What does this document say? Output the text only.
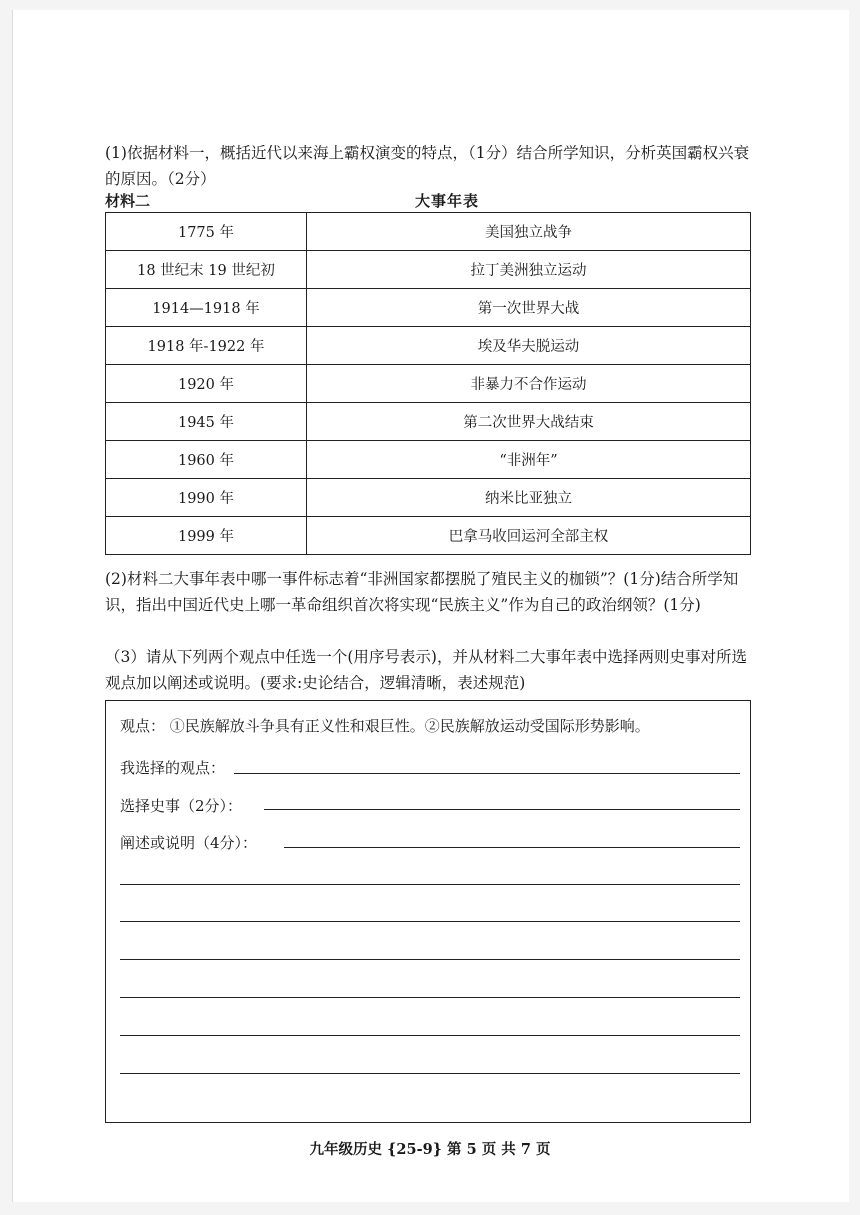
(1)依据材料一，概括近代以来海上霸权演变的特点，（1分）结合所学知识，分析英国霸权兴衰的原因。（2分）

材料二	大事年表
1775 年	美国独立战争
18 世纪末 19 世纪初	拉丁美洲独立运动
1914—1918 年	第一次世界大战
1918 年-1922 年	埃及华夫脱运动
1920 年	非暴力不合作运动
1945 年	第二次世界大战结束
1960 年	“非洲年”
1990 年	纳米比亚独立
1999 年	巴拿马收回运河全部主权

(2)材料二大事年表中哪一事件标志着“非洲国家都摆脱了殖民主义的枷锁”？(1分)结合所学知识，指出中国近代史上哪一革命组织首次将实现“民族主义”作为自己的政治纲领？(1分)

（3）请从下列两个观点中任选一个(用序号表示)，并从材料二大事年表中选择两则史事对所选观点加以阐述或说明。(要求:史论结合，逻辑清晰，表述规范)

观点： ①民族解放斗争具有正义性和艰巨性。②民族解放运动受国际形势影响。
我选择的观点：
选择史事（2分）：
阐述或说明（4分）：
九年级历史 {25-9} 第 5 页 共 7 页
